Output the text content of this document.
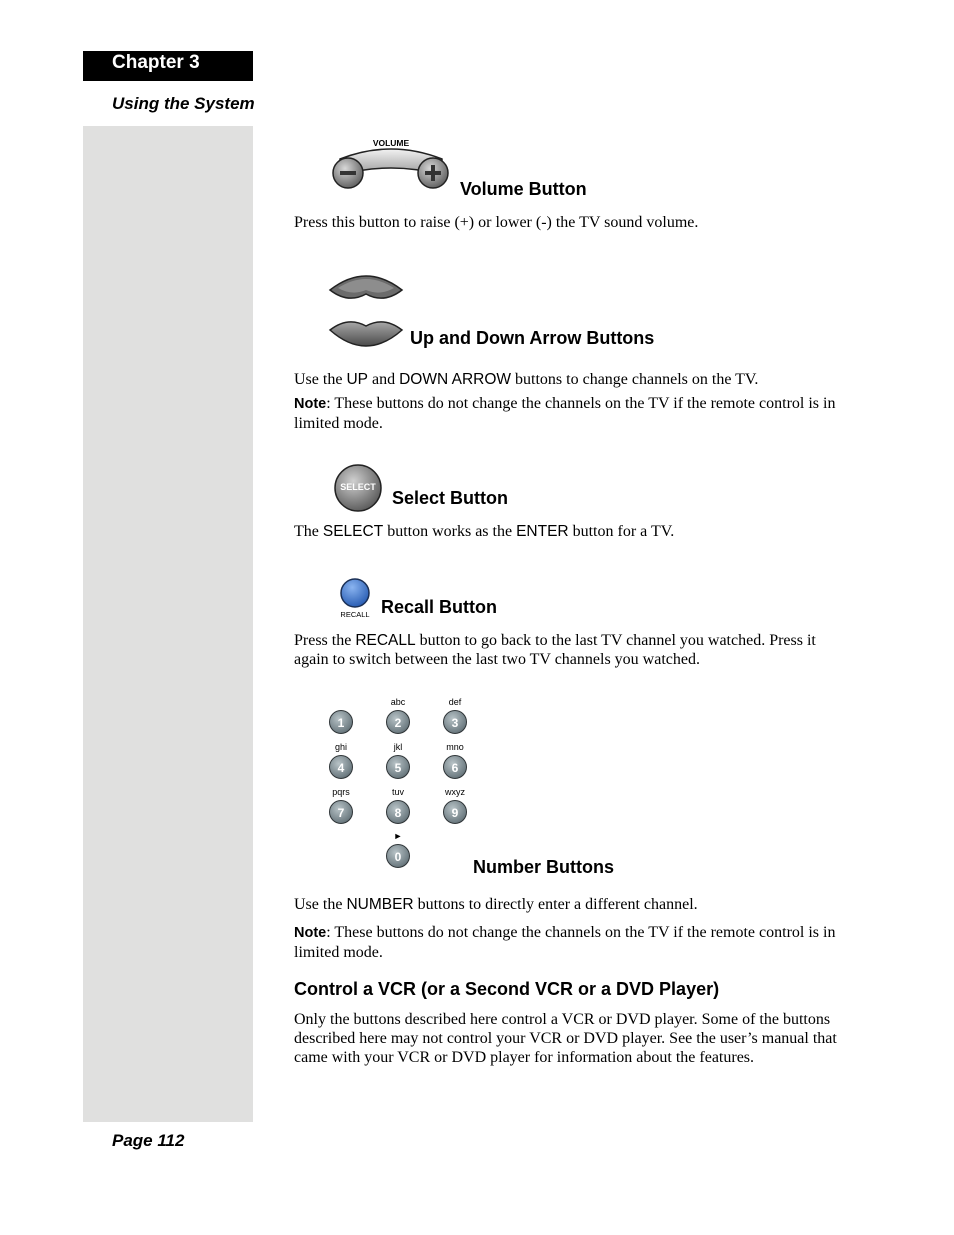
Chapter 3
Using the System
VOLUME
Volume Button
Press this button to raise (+) or lower (-) the TV sound volume.
Up and Down Arrow Buttons
Use the UP and DOWN ARROW buttons to change channels on the TV.
Note: These buttons do not change the channels on the TV if the remote control is in limited mode.
SELECT
Select Button
The SELECT button works as the ENTER button for a TV.
RECALL Recall Button
Press the RECALL button to go back to the last TV channel you watched. Press it again to switch between the last two TV channels you watched.
1
abc
2
def
3
ghi
4
jkl
5
mno
6
pqrs
7
tuv
8
wxyz
9
►
0	Number Buttons
Use the NUMBER buttons to directly enter a different channel.
Note: These buttons do not change the channels on the TV if the remote control is in limited mode.
Control a VCR (or a Second VCR or a DVD Player)
Only the buttons described here control a VCR or DVD player. Some of the buttons described here may not control your VCR or DVD player. See the user’s manual that came with your VCR or DVD player for information about the features.
Page 112
